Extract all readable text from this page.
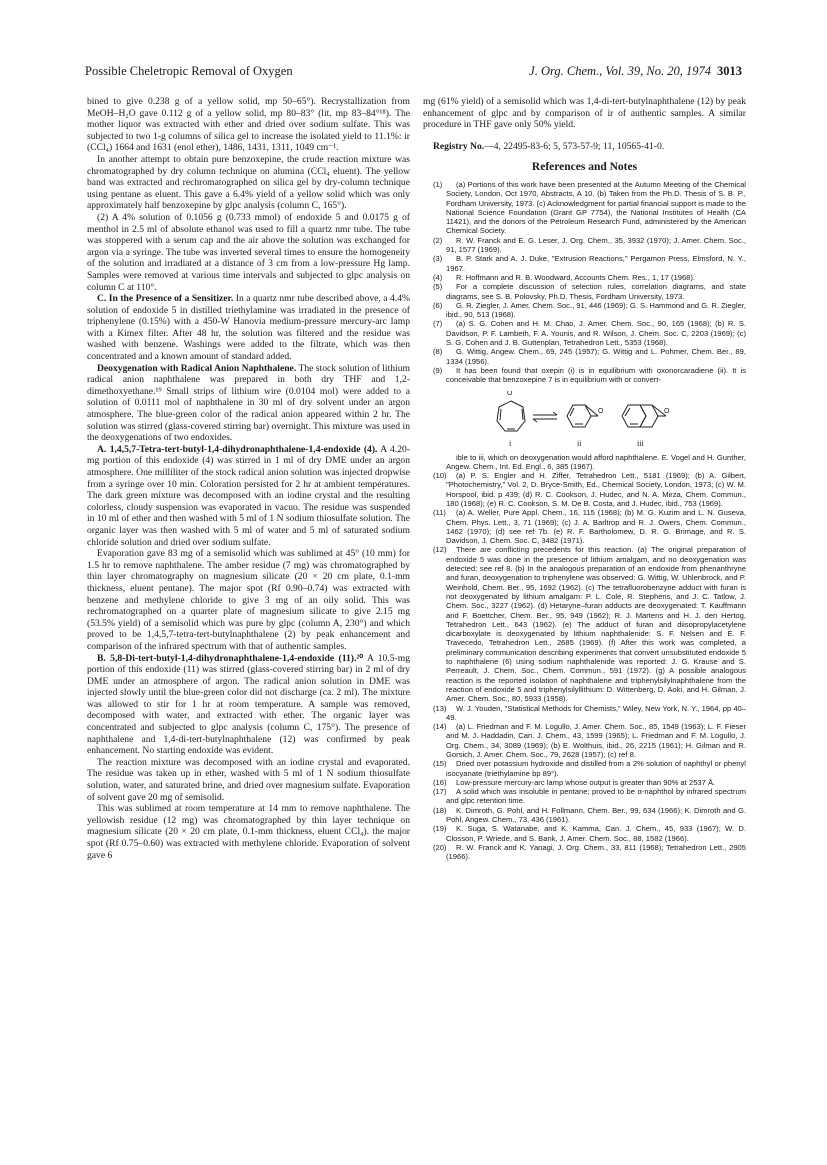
Possible Cheletropic Removal of Oxygen	J. Org. Chem., Vol. 39, No. 20, 1974 3013

bined to give 0.238 g of a yellow solid, mp 50–65°). Recrystallization from MeOH–H₂O gave 0.112 g of a yellow solid, mp 80–83° (lit. mp 83–84°¹⁸). The mother liquor was extracted with ether and dried over sodium sulfate. This was subjected to two 1-g columns of silica gel to increase the isolated yield to 11.1%: ir (CCl₄) 1664 and 1631 (enol ether), 1486, 1431, 1311, 1049 cm⁻¹.

In another attempt to obtain pure benzoxepine, the crude reaction mixture was chromatographed by dry column technique on alumina (CCl₄ eluent). The yellow band was extracted and rechromatographed on silica gel by dry-column technique using pentane as eluent. This gave a 6.4% yield of a yellow solid which was only approximately half benzoxepine by glpc analysis (column C, 165°).

(2) A 4% solution of 0.1056 g (0.733 mmol) of endoxide 5 and 0.0175 g of menthol in 2.5 ml of absolute ethanol was used to fill a quartz nmr tube. The tube was stoppered with a serum cap and the air above the solution was exchanged for argon via a syringe. The tube was inverted several times to ensure the homogeneity of the solution and irradiated at a distance of 3 cm from a low-pressure Hg lamp. Samples were removed at various time intervals and subjected to glpc analysis on column C at 110°.

C. In the Presence of a Sensitizer. In a quartz nmr tube described above, a 4.4% solution of endoxide 5 in distilled triethylamine was irradiated in the presence of triphenylene (0.15%) with a 450-W Hanovia medium-pressure mercury-arc lamp with a Kimex filter. After 48 hr, the solution was filtered and the residue was washed with benzene. Washings were added to the filtrate, which was then concentrated and a known amount of standard added.

Deoxygenation with Radical Anion Naphthalene. The stock solution of lithium radical anion naphthalene was prepared in both dry THF and 1,2-dimethoxyethane.¹⁹ Small strips of lithium wire (0.0104 mol) were added to a solution of 0.0111 mol of naphthalene in 30 ml of dry solvent under an argon atmosphere. The blue-green color of the radical anion appeared within 2 hr. The solution was stirred (glass-covered stirring bar) overnight. This mixture was used in the deoxygenations of two endoxides.

A. 1,4,5,7-Tetra-tert-butyl-1,4-dihydronaphthalene-1,4-endoxide (4). A 4.20-mg portion of this endoxide (4) was stirred in 1 ml of dry DME under an argon atmosphere. One milliliter of the stock radical anion solution was injected dropwise from a syringe over 10 min. Coloration persisted for 2 hr at ambient temperatures. The dark green mixture was decomposed with an iodine crystal and the resulting colorless, cloudy suspension was evaporated in vacuo. The residue was suspended in 10 ml of ether and then washed with 5 ml of 1 N sodium thiosulfate solution. The organic layer was then washed with 5 ml of water and 5 ml of saturated sodium chloride solution and dried over sodium sulfate.

Evaporation gave 83 mg of a semisolid which was sublimed at 45° (10 mm) for 1.5 hr to remove naphthalene. The amber residue (7 mg) was chromatographed by thin layer chromatography on magnesium silicate (20 × 20 cm plate, 0.1-mm thickness, eluent pentane). The major spot (Rf 0.90–0.74) was extracted with benzene and methylene chloride to give 3 mg of an oily solid. This was rechromatographed on a quarter plate of magnesium silicate to give 2.15 mg (53.5% yield) of a semisolid which was pure by glpc (column A, 230°) and which proved to be 1,4,5,7-tetra-tert-butylnaphthalene (2) by peak enhancement and comparison of the infrared spectrum with that of authentic samples.

B. 5,8-Di-tert-butyl-1,4-dihydronaphthalene-1,4-endoxide (11).²⁰ A 10.5-mg portion of this endoxide (11) was stirred (glass-covered stirring bar) in 2 ml of dry DME under an atmosphere of argon. The radical anion solution in DME was injected slowly until the blue-green color did not discharge (ca. 2 ml). The mixture was allowed to stir for 1 hr at room temperature. A sample was removed, decomposed with water, and extracted with ether. The organic layer was concentrated and subjected to glpc analysis (column C, 175°). The presence of naphthalene and 1,4-di-tert-butylnaphthalene (12) was confirmed by peak enhancement. No starting endoxide was evident.

The reaction mixture was decomposed with an iodine crystal and evaporated. The residue was taken up in ether, washed with 5 ml of 1 N sodium thiosulfate solution, water, and saturated brine, and dried over magnesium sulfate. Evaporation of solvent gave 20 mg of semisolid.

This was sublimed at room temperature at 14 mm to remove naphthalene. The yellowish residue (12 mg) was chromatographed by thin layer technique on magnesium silicate (20 × 20 cm plate, 0.1-mm thickness, eluent CCl₄). the major spot (Rf 0.75–0.60) was extracted with methylene chloride. Evaporation of solvent gave 6

mg (61% yield) of a semisolid which was 1,4-di-tert-butylnaphthalene (12) by peak enhancement of glpc and by comparison of ir of authentic samples. A similar procedure in THF gave only 50% yield.

Registry No.—4, 22495-83-6; 5, 573-57-9; 11, 10565-41-0.

References and Notes

(1) (a) Portions of this work have been presented at the Autumn Meeting of the Chemical Society, London, Oct 1970, Abstracts, A 10. (b) Taken from the Ph.D. Thesis of S. B. P., Fordham University, 1973. (c) Acknowledgment for partial financial support is made to the National Science Foundation (Grant GP 7754), the National Institutes of Health (CA 11421), and the donors of the Petroleum Research Fund, administered by the American Chemical Society.

(2) R. W. Franck and E. G. Leser, J. Org. Chem., 35, 3932 (1970); J. Amer. Chem. Soc., 91, 1577 (1969).

(3) B. P. Stark and A. J. Duke, "Extrusion Reactions," Pergamon Press, Elmsford, N. Y., 1967.

(4) R. Hoffmann and R. B. Woodward, Accounts Chem. Res., 1, 17 (1968).

(5) For a complete discussion of selection rules, correlation diagrams, and state diagrams, see S. B. Polovsky, Ph.D. Thesis, Fordham University, 1973.

(6) G. R. Ziegler, J. Amer. Chem. Soc., 91, 446 (1969); G. S. Hammond and G. R. Ziegler, ibid., 90, 513 (1968).

(7) (a) S. G. Cohen and H. M. Chao, J. Amer. Chem. Soc., 90, 165 (1968); (b) R. S. Davidson, P. F. Lambeth, F. A. Younis, and R. Wilson, J. Chem. Soc. C, 2203 (1969); (c) S. G. Cohen and J. B. Guttenplan, Tetrahedron Lett., 5353 (1968).

(8) G. Wittig, Angew. Chem., 69, 245 (1957); G. Wittig and L. Pohmer, Chem. Ber., 89, 1334 (1956).

(9) It has been found that oxepin (i) is in equilibrium with oxonorcaradiene (ii). It is conceivable that benzoxepine 7 is in equilibrium with or convert-

O
O	O
i	ii	iii

ible to iii, which on deoxygenation would afford naphthalene. E. Vogel and H. Gunther, Angew. Chem., Int. Ed. Engl., 6, 385 (1967).

(10) (a) P. S. Engler and H. Ziffer, Tetrahedron Lett., 5181 (1969); (b) A. Gilbert, "Photochemistry," Vol. 2, D. Bryce-Smith, Ed., Chemical Society, London, 1973; (c) W. M. Horspool, ibid. p 439; (d) R. C. Cookson, J. Hudec, and N. A. Mirza, Chem. Commun., 180 (1968); (e) R. C. Cookson, S. M. De B. Costa, and J. Hudec, ibid., 753 (1969).

(11) (a) A. Weller, Pure Appl. Chem., 16, 115 (1968); (b) M. G. Kuzim and L. N. Guseva, Chem. Phys. Lett., 3, 71 (1969); (c) J. A. Barltrop and R. J. Owers, Chem. Commun., 1462 (1970); (d) see ref 7b. (e) R. F. Bartholomew, D. R. G. Brimage, and R. S. Davidson, J. Chem. Soc. C, 3482 (1971).

(12) There are conflicting precedents for this reaction. (a) The original preparation of endoxide 5 was done in the presence of lithium amalgam, and no deoxygenation was detected; see ref 8. (b) In the analogous preparation of an endoxide from phenanthryne and furan, deoxygenation to triphenylene was observed: G. Wittig, W. Uhlenbrock, and P. Weinhold, Chem. Ber., 95, 1692 (1962). (c) The tetrafluorobenzyne adduct with furan is not deoxygenated by lithium amalgam: P. L. Cole, R. Stephens, and J. C. Tatlow, J. Chem. Soc., 3227 (1962). (d) Hetaryne–furan adducts are deoxygenated: T. Kauffmann and F. Boettcher, Chem. Ber., 95, 949 (1962); R. J. Martens and H. J. den Hertog, Tetrahedron Lett., 643 (1962). (e) The adduct of furan and diisopropylacetylene dicarboxylate is deoxygenated by lithium naphthalenide: S. F. Nelsen and E. F. Travecedo, Tetrahedron Lett., 2685 (1969). (f) After this work was completed, a preliminary communication describing experiments that convert unsubstituted endoxide 5 to naphthalene (6) using sodium naphthalenide was reported: J. G. Krause and S. Perreault, J. Chem. Soc., Chem. Commun., 591 (1972). (g) A possible analogous reaction is the reported isolation of naphthalene and triphenylsilylnaphthalene from the reaction of endoxide 5 and triphenylsilyllithium: D. Wittenberg, D. Aoki, and H. Gilman, J. Amer. Chem. Soc., 80, 5933 (1958).

(13) W. J. Youden, "Statistical Methods for Chemists," Wiley, New York, N. Y., 1964, pp 40–49.

(14) (a) L. Friedman and F. M. Logullo, J. Amer. Chem. Soc., 85, 1549 (1963); L. F. Fieser and M. J. Haddadin, Can. J. Chem., 43, 1599 (1965); L. Friedman and F. M. Logullo, J. Org. Chem., 34, 3089 (1969); (b) E. Wolthuis, ibid., 26, 2215 (1961); H. Gilman and R. Gorsich, J. Amer. Chem. Soc., 79, 2628 (1957); (c) ref 8.

(15) Dried over potassium hydroxide and distilled from a 2% solution of naphthyl or phenyl isocyanate (triethylamine bp 89°).

(16) Low-pressure mercury-arc lamp whose output is greater than 90% at 2537 Å.

(17) A solid which was insoluble in pentane; proved to be α-naphthol by infrared spectrum and glpc retention time.

(18) K. Dimroth, G. Pohl, and H. Follmann, Chem. Ber., 99, 634 (1966); K. Dimroth and G. Pohl, Angew. Chem., 73, 436 (1961).

(19) K. Suga, S. Watanabe, and K. Kamma, Can. J. Chem., 45, 933 (1967); W. D. Closson, P. Wriede, and S. Bank, J. Amer. Chem. Soc., 88, 1582 (1966).

(20) R. W. Franck and K. Yanagi, J. Org. Chem., 33, 811 (1968); Tetrahedron Lett., 2905 (1966).
